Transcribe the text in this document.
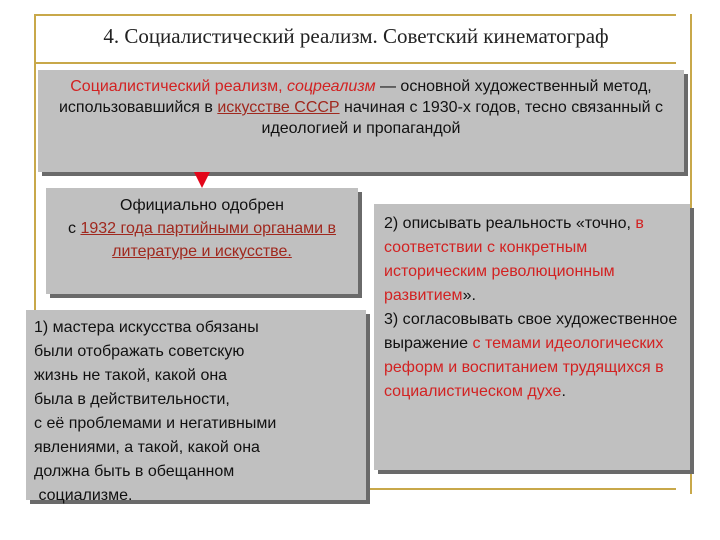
4. Социалистический реализм. Советский кинематограф
Социалистический реализм, соцреализм — основной художественный метод, использовавшийся в искусстве СССР начиная с 1930-х годов, тесно связанный с идеологией и пропагандой
Официально одобрен
с 1932 года партийными органами в литературе и искусстве.
1) мастера искусства обязаны
были отображать советскую
жизнь не такой, какой она
была в действительности,
с её проблемами и негативными
явлениями, а такой, какой она
должна быть в обещанном
социализме.
2) описывать реальность «точно, в соответствии с конкретным историческим революционным развитием».
3) согласовывать свое художественное выражение с темами идеологических реформ и воспитанием трудящихся в социалистическом духе.
